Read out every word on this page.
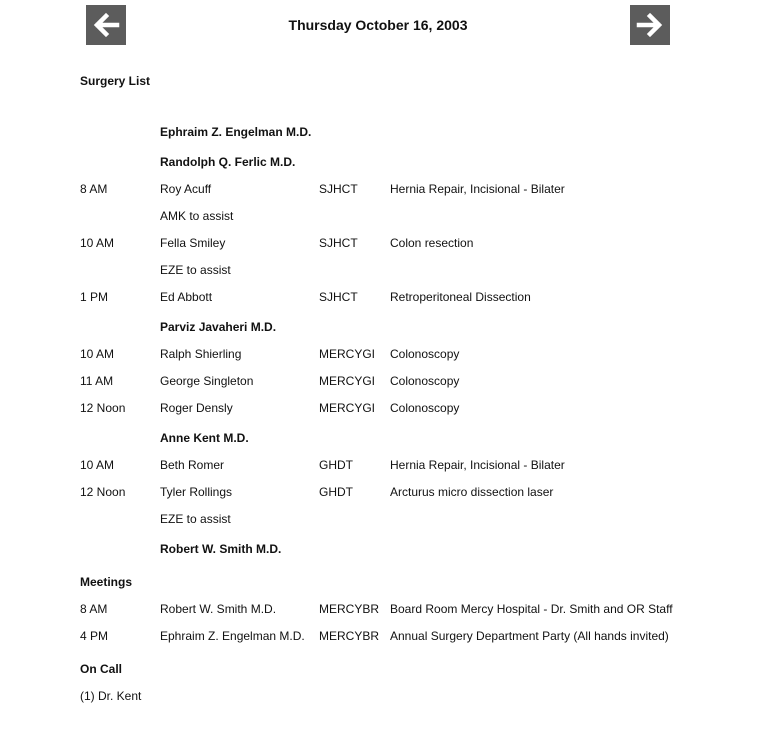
Thursday October 16, 2003
Surgery List
Ephraim Z. Engelman M.D.
Randolph Q. Ferlic M.D.
8 AM	Roy Acuff	SJHCT	Hernia Repair, Incisional - Bilater
AMK to assist
10 AM	Fella Smiley	SJHCT	Colon resection
EZE to assist
1 PM	Ed Abbott	SJHCT	Retroperitoneal Dissection
Parviz Javaheri M.D.
10 AM	Ralph Shierling	MERCYGI Colonoscopy
11 AM	George Singleton	MERCYGI Colonoscopy
12 Noon	Roger Densly	MERCYGI Colonoscopy
Anne Kent M.D.
10 AM	Beth Romer	GHDT	Hernia Repair, Incisional - Bilater
12 Noon	Tyler Rollings	GHDT	Arcturus micro dissection laser
EZE to assist
Robert W. Smith M.D.
Meetings
8 AM	Robert W. Smith M.D.	MERCYBR Board Room Mercy Hospital - Dr. Smith and OR Staff
4 PM	Ephraim Z. Engelman M.D. MERCYBR Annual Surgery Department Party (All hands invited)
On Call
(1) Dr. Kent
